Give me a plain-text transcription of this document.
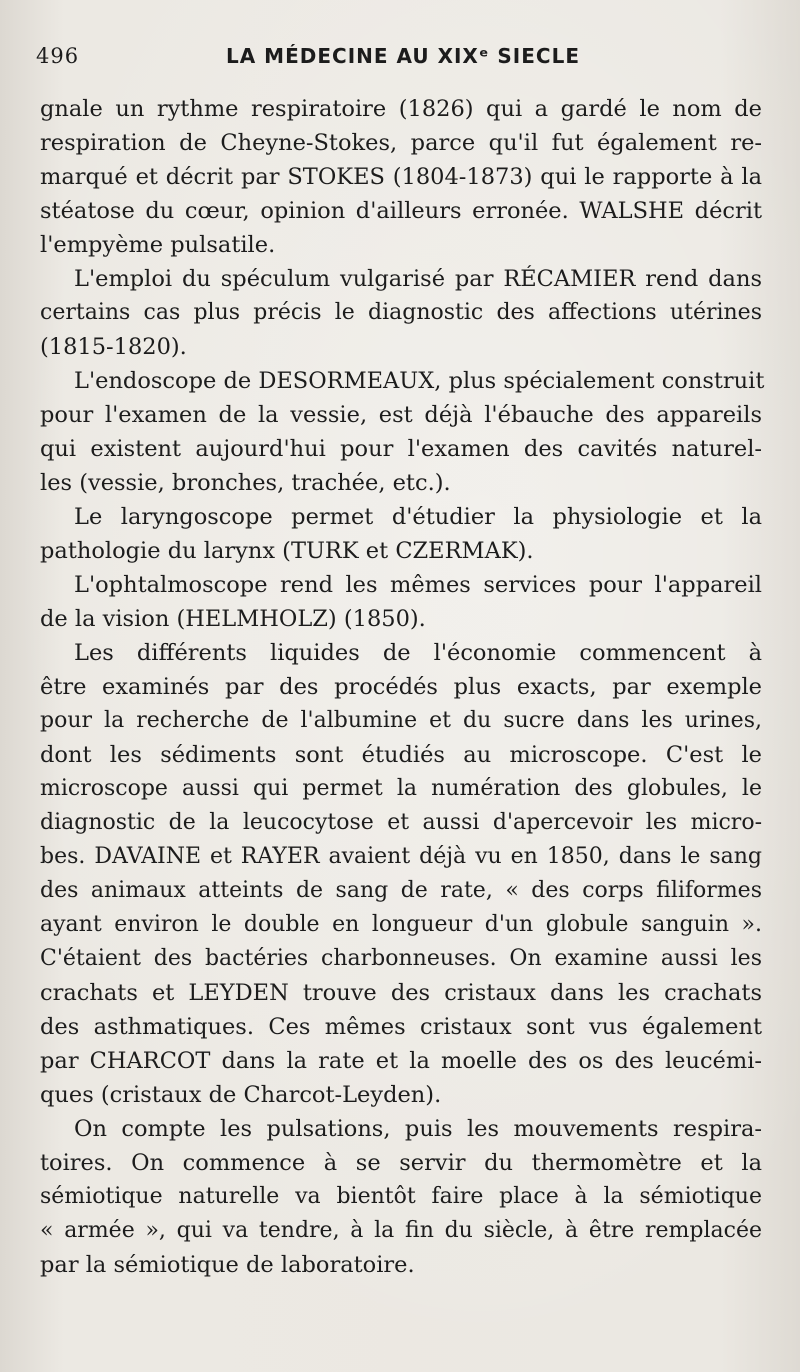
496	LA MÉDECINE AU XIXᵉ SIECLE
gnale un rythme respiratoire (1826) qui a gardé le nom de
respiration de Cheyne-Stokes, parce qu'il fut également re-
marqué et décrit par STOKES (1804-1873) qui le rapporte à la
stéatose du cœur, opinion d'ailleurs erronée. WALSHE décrit
l'empyème pulsatile.
L'emploi du spéculum vulgarisé par RÉCAMIER rend dans
certains cas plus précis le diagnostic des affections utérines
(1815-1820).
L'endoscope de DESORMEAUX, plus spécialement construit
pour l'examen de la vessie, est déjà l'ébauche des appareils
qui existent aujourd'hui pour l'examen des cavités naturel-
les (vessie, bronches, trachée, etc.).
Le laryngoscope permet d'étudier la physiologie et la
pathologie du larynx (TURK et CZERMAK).
L'ophtalmoscope rend les mêmes services pour l'appareil
de la vision (HELMHOLZ) (1850).
Les différents liquides de l'économie commencent à
être examinés par des procédés plus exacts, par exemple
pour la recherche de l'albumine et du sucre dans les urines,
dont les sédiments sont étudiés au microscope. C'est le
microscope aussi qui permet la numération des globules, le
diagnostic de la leucocytose et aussi d'apercevoir les micro-
bes. DAVAINE et RAYER avaient déjà vu en 1850, dans le sang
des animaux atteints de sang de rate, « des corps filiformes
ayant environ le double en longueur d'un globule sanguin ».
C'étaient des bactéries charbonneuses. On examine aussi les
crachats et LEYDEN trouve des cristaux dans les crachats
des asthmatiques. Ces mêmes cristaux sont vus également
par CHARCOT dans la rate et la moelle des os des leucémi-
ques (cristaux de Charcot-Leyden).
On compte les pulsations, puis les mouvements respira-
toires. On commence à se servir du thermomètre et la
sémiotique naturelle va bientôt faire place à la sémiotique
« armée », qui va tendre, à la fin du siècle, à être remplacée
par la sémiotique de laboratoire.
